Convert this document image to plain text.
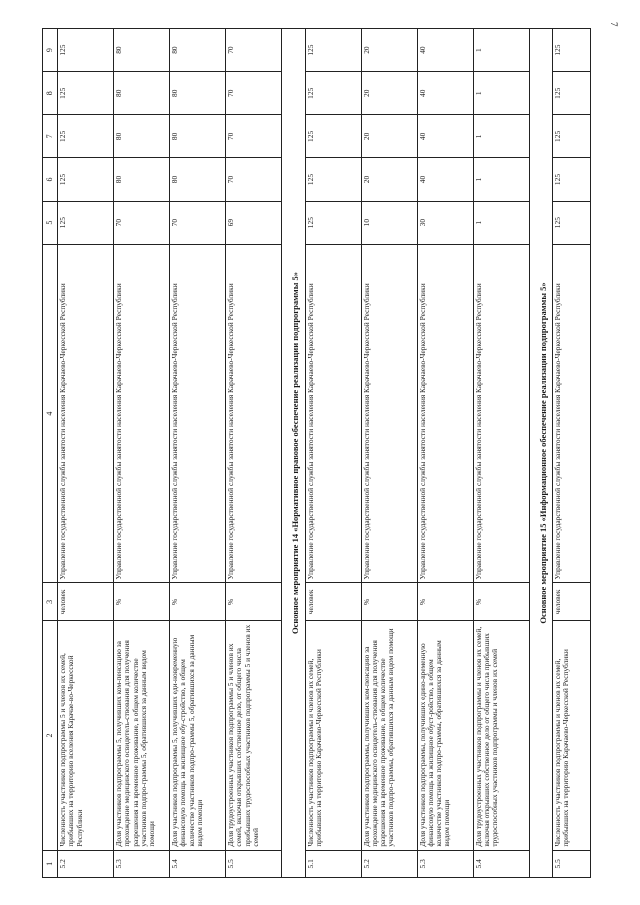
7
1	2	3	4	5	6	7	8	9
5.2	Численность участников подпрограммы 5 и членов их семей, прибывших на территорию вселения Карачае-во-Черкесской Республики	человек	Управление государственной службы занятости населения Карачаево-Черкесской Республики	125	125	125	125	125
5.3	Доля участников подпрограммы 5, получивших ком-пенсацию за прохождение медицинского освидетель-ствования для получения разрешения на временное проживание, в общем количестве участников подпро-граммы 5, обратившихся за данным видом помощи	%	Управление государственной службы занятости населения Карачаево-Черкесской Республики	70	80	80	80	80
5.4	Доля участников подпрограммы 5, получивших еди-новременную финансовую помощь на жилищное обу-стройство, в общем количестве участников подпро-граммы 5, обратившихся за данным видом помощи	%	Управление государственной службы занятости населения Карачаево-Черкесской Республики	70	80	80	80	80
5.5	Доля трудоустроенных участников подпрограммы 5 и членов их семей, включая открывших собственное дело, от общего числа прибывших трудоспособных участников подпрограммы 5 и членов их семей	%	Управление государственной службы занятости населения Карачаево-Черкесской Республики	69	70	70	70	70
Основное мероприятие 14 «Нормативное правовое обеспечение реализации подпрограммы 5»								
5.1	Численность участников подпрограммы и членов их семей, прибывших на территорию Карачаево-Черкесской Республики	человек	Управление государственной службы занятости населения Карачаево-Черкесской Республики	125	125	125	125	125
5.2	Доля участников подпрограммы, получивших ком-пенсацию за прохождение медицинского освидетель-ствования для получения разрешения на временное проживание, в общем количестве участников подпро-граммы, обратившихся за данным видом помощи	%	Управление государственной службы занятости населения Карачаево-Черкесской Республики	10	20	20	20	20
5.3	Доля участников подпрограммы, получивших едино-временную финансовую помощь на жилищное обуст-ройство, в общем количестве участников подпро-граммы, обратившихся за данным видом помощи	%	Управление государственной службы занятости населения Карачаево-Черкесской Республики	30	40	40	40	40
5.4	Доля трудоустроенных участников подпрограммы и членов их семей, включая открывших собственное дело от общего числа прибывших трудоспособных участников подпрограммы и членов их семей	%	Управление государственной службы занятости населения Карачаево-Черкесской Республики	1	1	1	1	1
Основное мероприятие 15 «Информационное обеспечение реализации подпрограммы 5»								
5.5	Численность участников подпрограммы и членов их семей, прибывших на территорию Карачаево-Черкесской Республики	человек	Управление государственной службы занятости населения Карачаево-Черкесской Республики	125	125	125	125	125
